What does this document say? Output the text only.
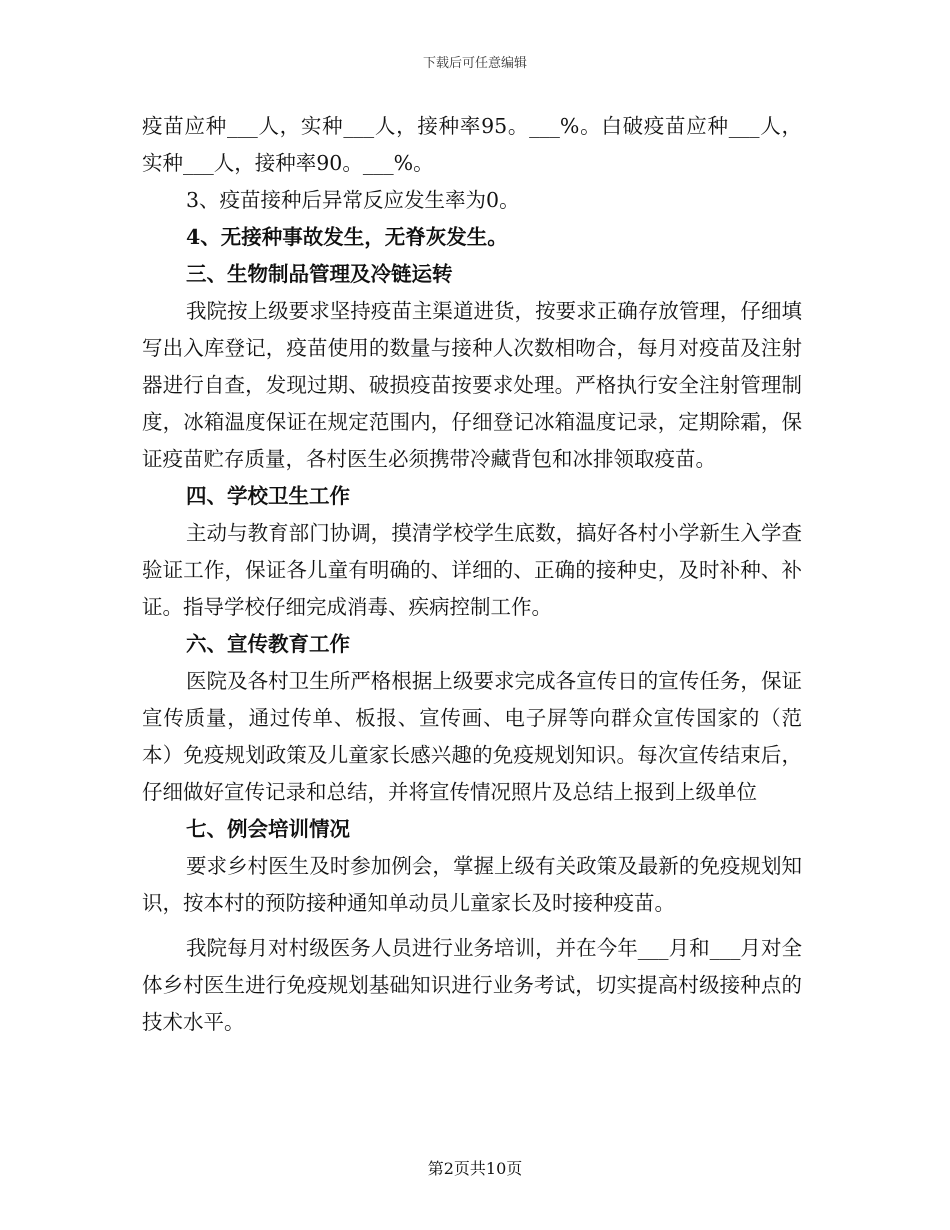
下载后可任意编辑

疫苗应种___人，实种___人，接种率95。___%。白破疫苗应种___人，实种___人，接种率90。___%。

3、疫苗接种后异常反应发生率为0。

4、无接种事故发生，无脊灰发生。

三、生物制品管理及冷链运转

我院按上级要求坚持疫苗主渠道进货，按要求正确存放管理，仔细填写出入库登记，疫苗使用的数量与接种人次数相吻合，每月对疫苗及注射器进行自查，发现过期、破损疫苗按要求处理。严格执行安全注射管理制度，冰箱温度保证在规定范围内，仔细登记冰箱温度记录，定期除霜，保证疫苗贮存质量，各村医生必须携带冷藏背包和冰排领取疫苗。

四、学校卫生工作

主动与教育部门协调，摸清学校学生底数，搞好各村小学新生入学查验证工作，保证各儿童有明确的、详细的、正确的接种史，及时补种、补证。指导学校仔细完成消毒、疾病控制工作。

六、宣传教育工作

医院及各村卫生所严格根据上级要求完成各宣传日的宣传任务，保证宣传质量，通过传单、板报、宣传画、电子屏等向群众宣传国家的（范本）免疫规划政策及儿童家长感兴趣的免疫规划知识。每次宣传结束后，仔细做好宣传记录和总结，并将宣传情况照片及总结上报到上级单位

七、例会培训情况

要求乡村医生及时参加例会，掌握上级有关政策及最新的免疫规划知识，按本村的预防接种通知单动员儿童家长及时接种疫苗。

我院每月对村级医务人员进行业务培训，并在今年___月和___月对全体乡村医生进行免疫规划基础知识进行业务考试，切实提高村级接种点的技术水平。

第2页共10页
